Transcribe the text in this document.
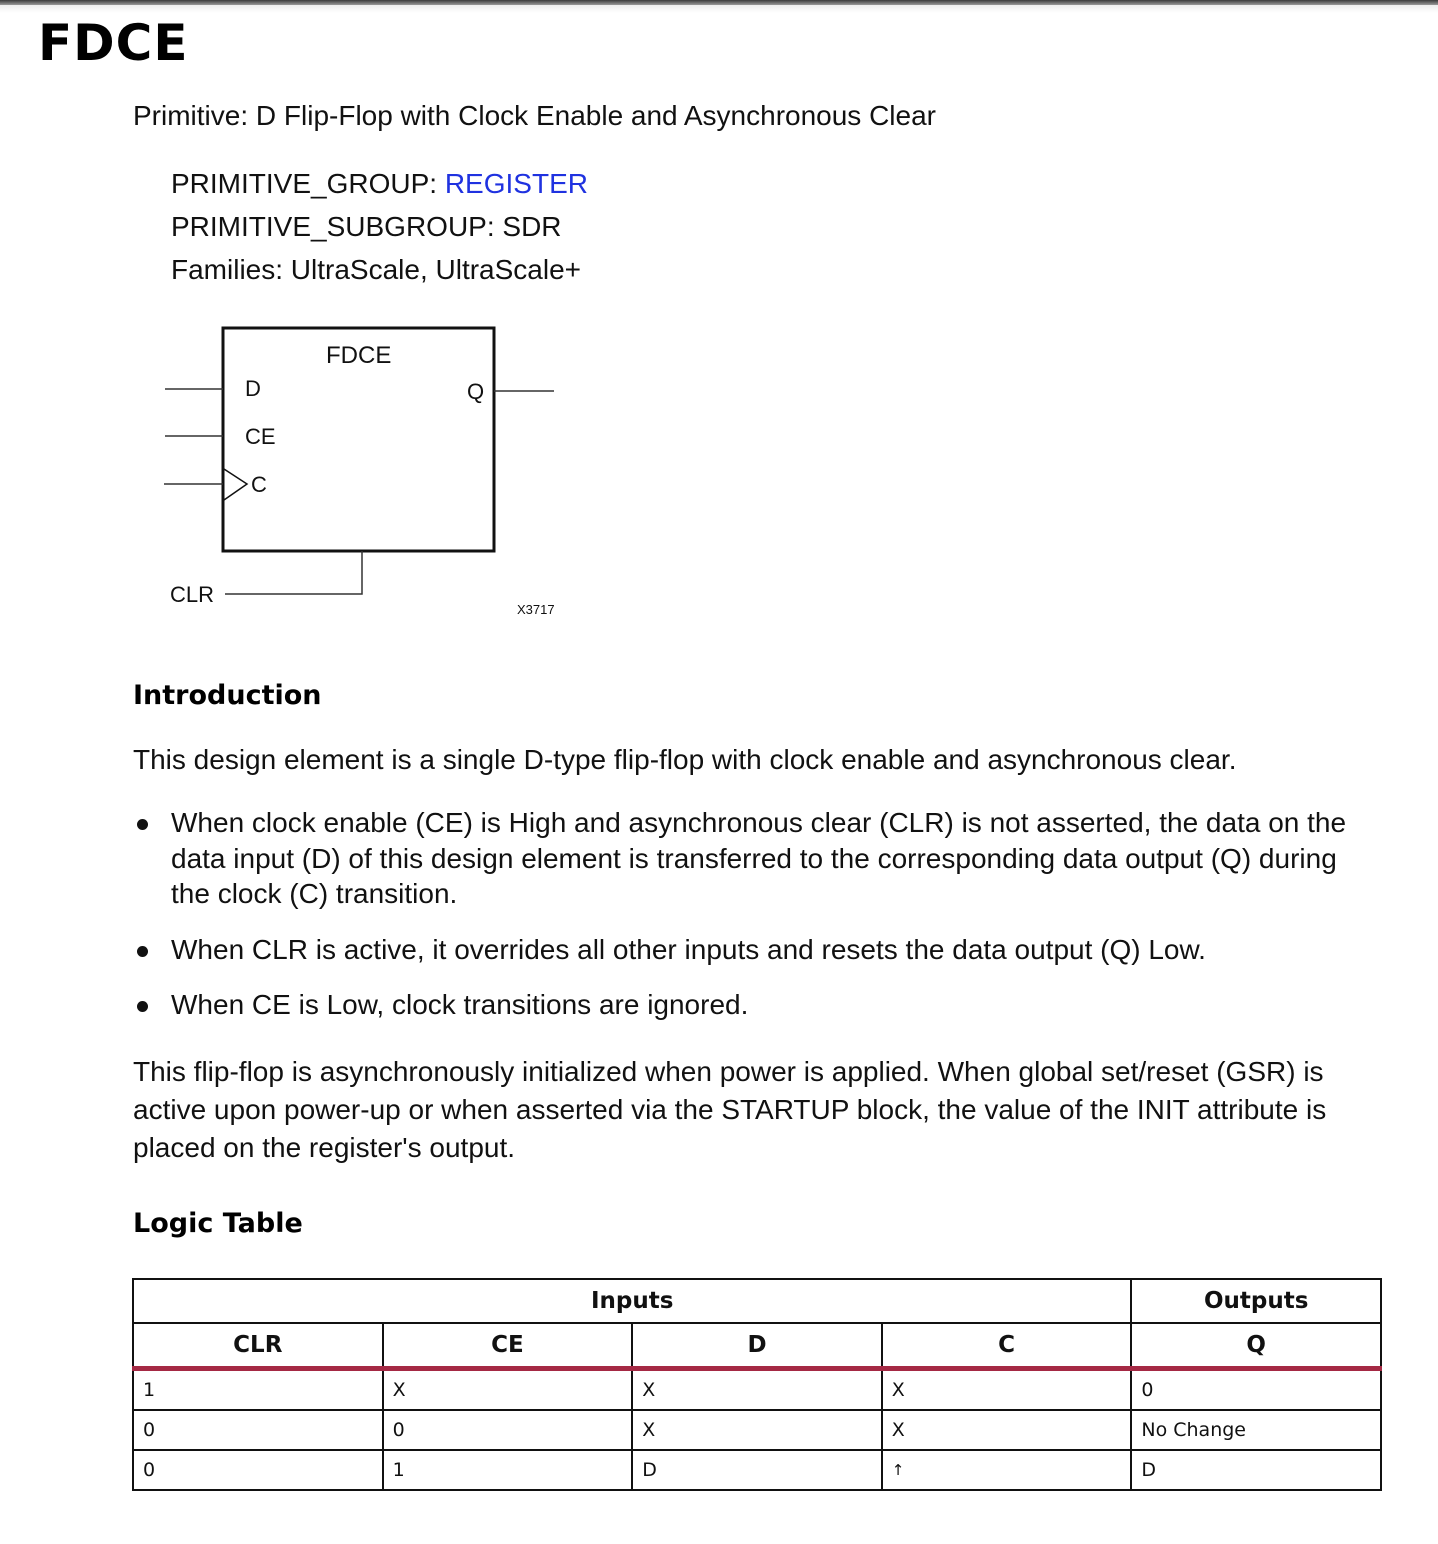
FDCE
Primitive: D Flip-Flop with Clock Enable and Asynchronous Clear
PRIMITIVE_GROUP: REGISTER
PRIMITIVE_SUBGROUP: SDR
Families: UltraScale, UltraScale+
FDCE
D
CE
C
Q
CLR
X3717
Introduction

This design element is a single D-type flip-flop with clock enable and asynchronous clear.

When clock enable (CE) is High and asynchronous clear (CLR) is not asserted, the data on the data input (D) of this design element is transferred to the corresponding data output (Q) during the clock (C) transition.
When CLR is active, it overrides all other inputs and resets the data output (Q) Low.
When CE is Low, clock transitions are ignored.

This flip-flop is asynchronously initialized when power is applied. When global set/reset (GSR) is active upon power-up or when asserted via the STARTUP block, the value of the INIT attribute is placed on the register's output.

Logic Table
Inputs				Outputs
CLR	CE	D	C	Q
1	X	X	X	0
0	0	X	X	No Change
0	1	D	↑	D
